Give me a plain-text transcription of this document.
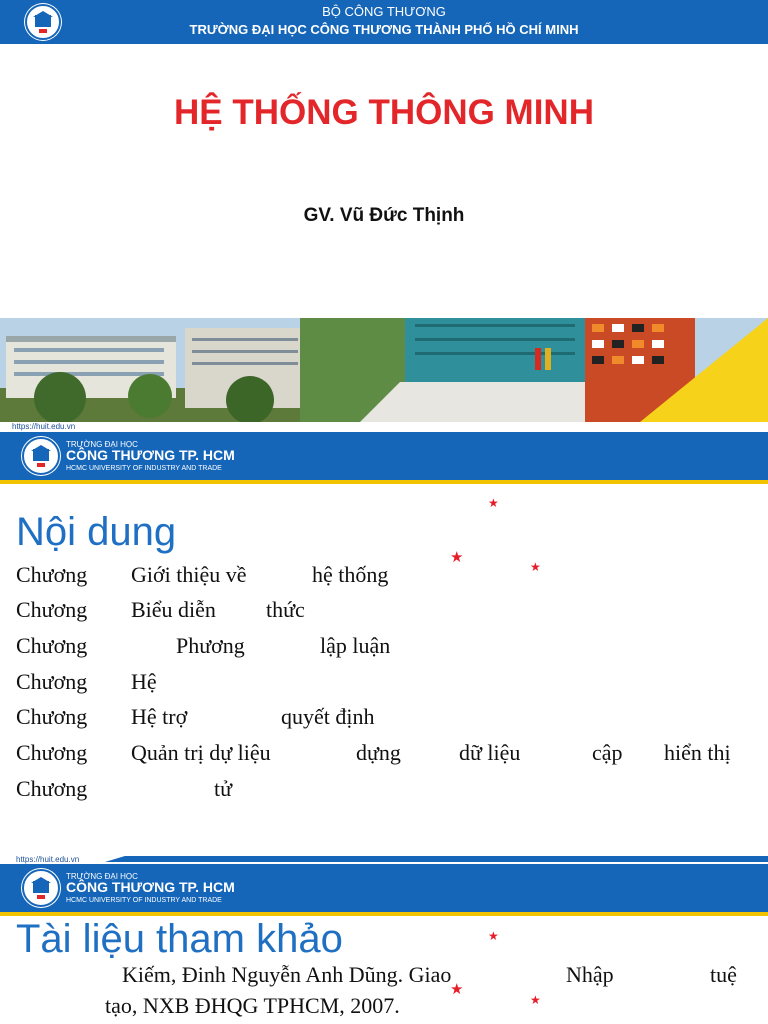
BỘ CÔNG THƯƠNG
TRƯỜNG ĐẠI HỌC CÔNG THƯƠNG THÀNH PHỐ HỒ CHÍ MINH
HỆ THỐNG THÔNG MINH
GV. Vũ Đức Thịnh
https://huit.edu.vn
TRƯỜNG ĐẠI HỌC
CÔNG THƯƠNG TP. HCM
HCMC UNIVERSITY OF INDUSTRY AND TRADE
Nội dung
★
★
★
Chương Giới thiệu về	hệ thống
Chương Biểu diễn thức
Chương	Phương	lập luận
Chương Hệ
Chương Hệ trợ	quyết định
Chương Quản trị dự liệu	dựng	dữ liệu	cập hiển thị
Chương	tử
https://huit.edu.vn
TRƯỜNG ĐẠI HỌC
CÔNG THƯƠNG TP. HCM
HCMC UNIVERSITY OF INDUSTRY AND TRADE
Tài liệu tham khảo	★
★
★
Kiếm, Đinh Nguyễn Anh Dũng. Giao	Nhập	tuệ
tạo, NXB ĐHQG TPHCM, 2007.
